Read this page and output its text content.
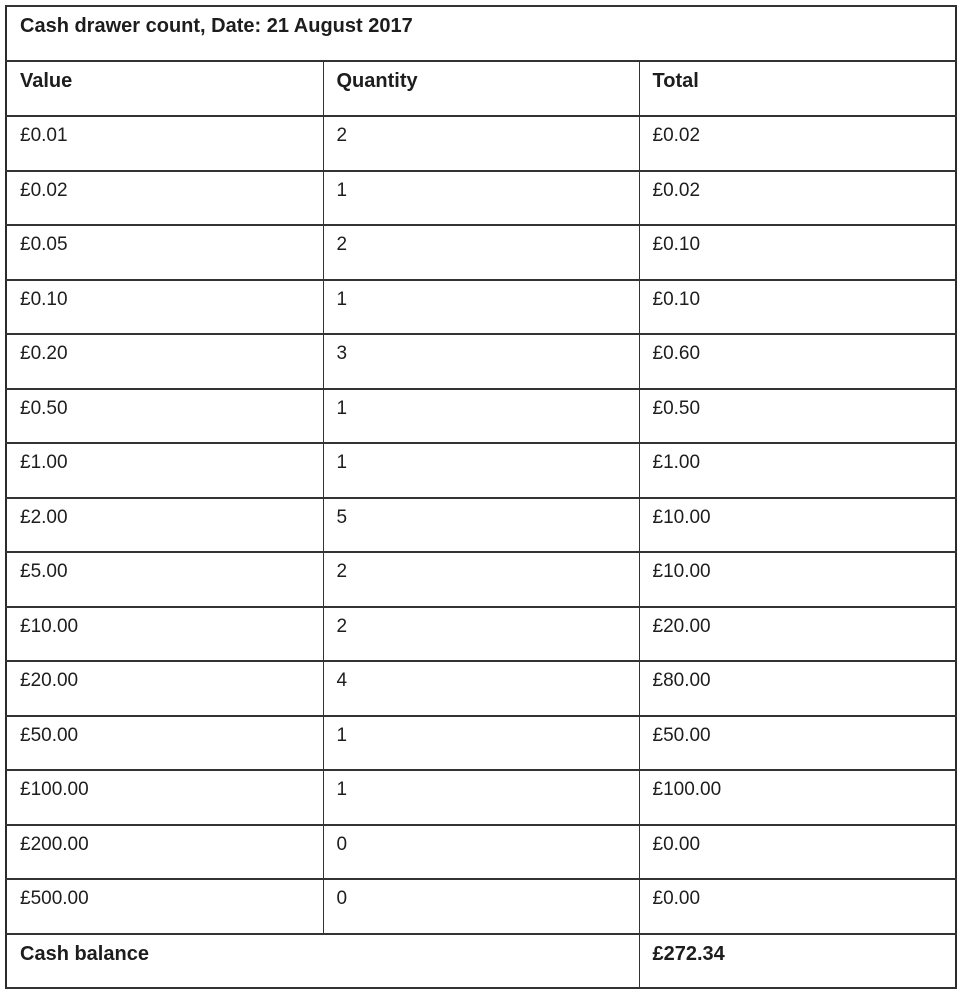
Cash drawer count, Date: 21 August 2017		
Value	Quantity	Total
£0.01	2	£0.02
£0.02	1	£0.02
£0.05	2	£0.10
£0.10	1	£0.10
£0.20	3	£0.60
£0.50	1	£0.50
£1.00	1	£1.00
£2.00	5	£10.00
£5.00	2	£10.00
£10.00	2	£20.00
£20.00	4	£80.00
£50.00	1	£50.00
£100.00	1	£100.00
£200.00	0	£0.00
£500.00	0	£0.00
Cash balance		£272.34
